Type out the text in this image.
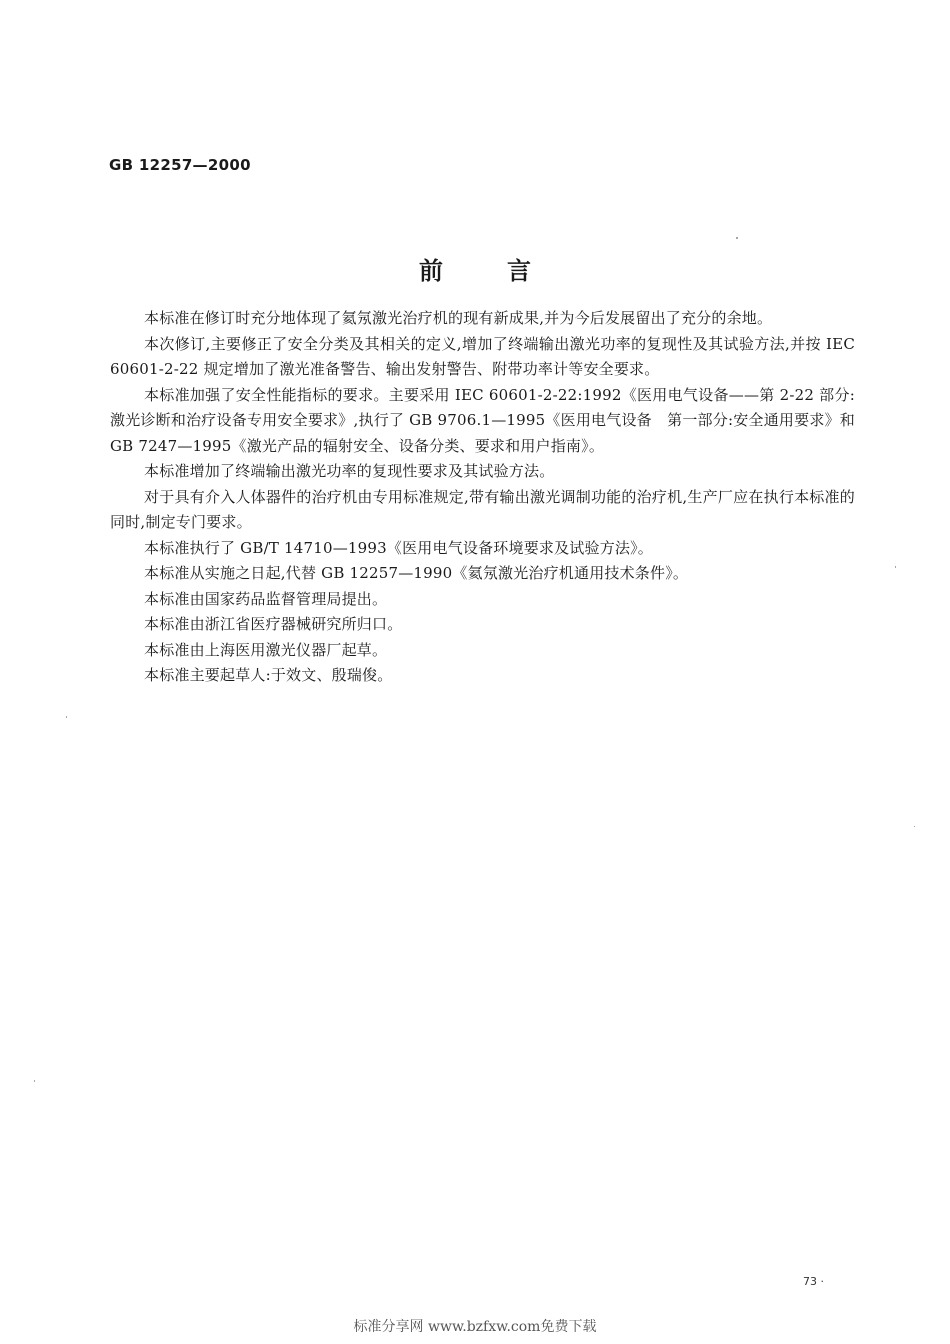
GB 12257—2000
前言

本标准在修订时充分地体现了氦氖激光治疗机的现有新成果,并为今后发展留出了充分的余地。

本次修订,主要修正了安全分类及其相关的定义,增加了终端输出激光功率的复现性及其试验方法,并按 IEC 60601-2-22 规定增加了激光准备警告、输出发射警告、附带功率计等安全要求。

本标准加强了安全性能指标的要求。主要采用 IEC 60601-2-22:1992《医用电气设备——第 2-22 部分:激光诊断和治疗设备专用安全要求》,执行了 GB 9706.1—1995《医用电气设备　第一部分:安全通用要求》和 GB 7247—1995《激光产品的辐射安全、设备分类、要求和用户指南》。

本标准增加了终端输出激光功率的复现性要求及其试验方法。

对于具有介入人体器件的治疗机由专用标准规定,带有输出激光调制功能的治疗机,生产厂应在执行本标准的同时,制定专门要求。

本标准执行了 GB/T 14710—1993《医用电气设备环境要求及试验方法》。

本标准从实施之日起,代替 GB 12257—1990《氦氖激光治疗机通用技术条件》。

本标准由国家药品监督管理局提出。

本标准由浙江省医疗器械研究所归口。

本标准由上海医用激光仪器厂起草。

本标准主要起草人:于效文、殷瑞俊。

73 ·
标准分享网 www.bzfxw.com免费下载
